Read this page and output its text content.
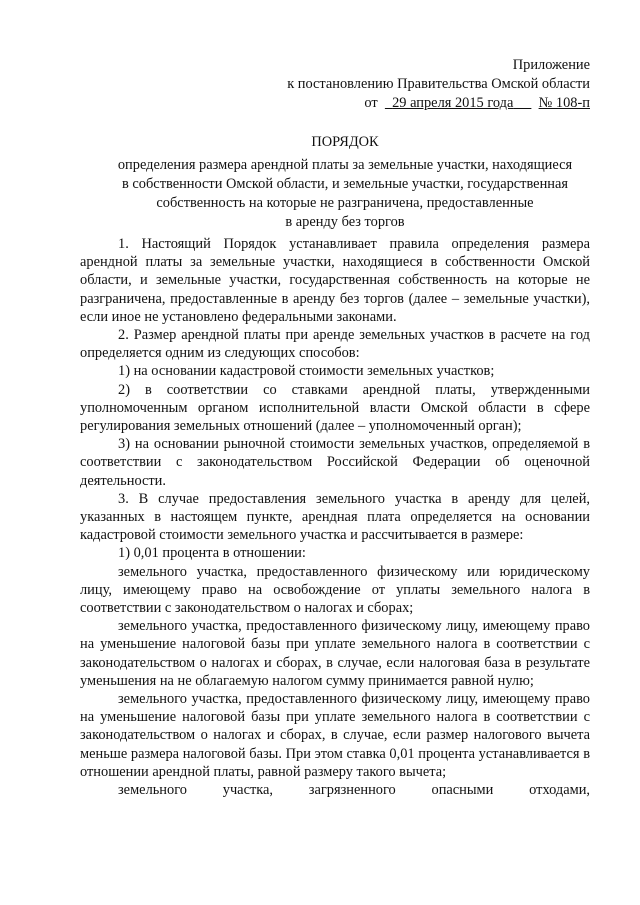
Приложение
к постановлению Правительства Омской области
от 29 апреля 2015 года № 108-п
ПОРЯДОК
определения размера арендной платы за земельные участки, находящиеся
в собственности Омской области, и земельные участки, государственная
собственность на которые не разграничена, предоставленные
в аренду без торгов

1. Настоящий Порядок устанавливает правила определения размера арендной платы за земельные участки, находящиеся в собственности Омской области, и земельные участки, государственная собственность на которые не разграничена, предоставленные в аренду без торгов (далее – земельные участки), если иное не установлено федеральными законами.

2. Размер арендной платы при аренде земельных участков в расчете на год определяется одним из следующих способов:

1) на основании кадастровой стоимости земельных участков;

2) в соответствии со ставками арендной платы, утвержденными уполномоченным органом исполнительной власти Омской области в сфере регулирования земельных отношений (далее – уполномоченный орган);

3) на основании рыночной стоимости земельных участков, определяемой в соответствии с законодательством Российской Федерации об оценочной деятельности.

3. В случае предоставления земельного участка в аренду для целей, указанных в настоящем пункте, арендная плата определяется на основании кадастровой стоимости земельного участка и рассчитывается в размере:

1) 0,01 процента в отношении:

земельного участка, предоставленного физическому или юридическому лицу, имеющему право на освобождение от уплаты земельного налога в соответствии с законодательством о налогах и сборах;

земельного участка, предоставленного физическому лицу, имеющему право на уменьшение налоговой базы при уплате земельного налога в соответствии с законодательством о налогах и сборах, в случае, если налоговая база в результате уменьшения на не облагаемую налогом сумму принимается равной нулю;

земельного участка, предоставленного физическому лицу, имеющему право на уменьшение налоговой базы при уплате земельного налога в соответствии с законодательством о налогах и сборах, в случае, если размер налогового вычета меньше размера налоговой базы. При этом ставка 0,01 процента устанавливается в отношении арендной платы, равной размеру такого вычета;

земельного участка, загрязненного опасными отходами,
